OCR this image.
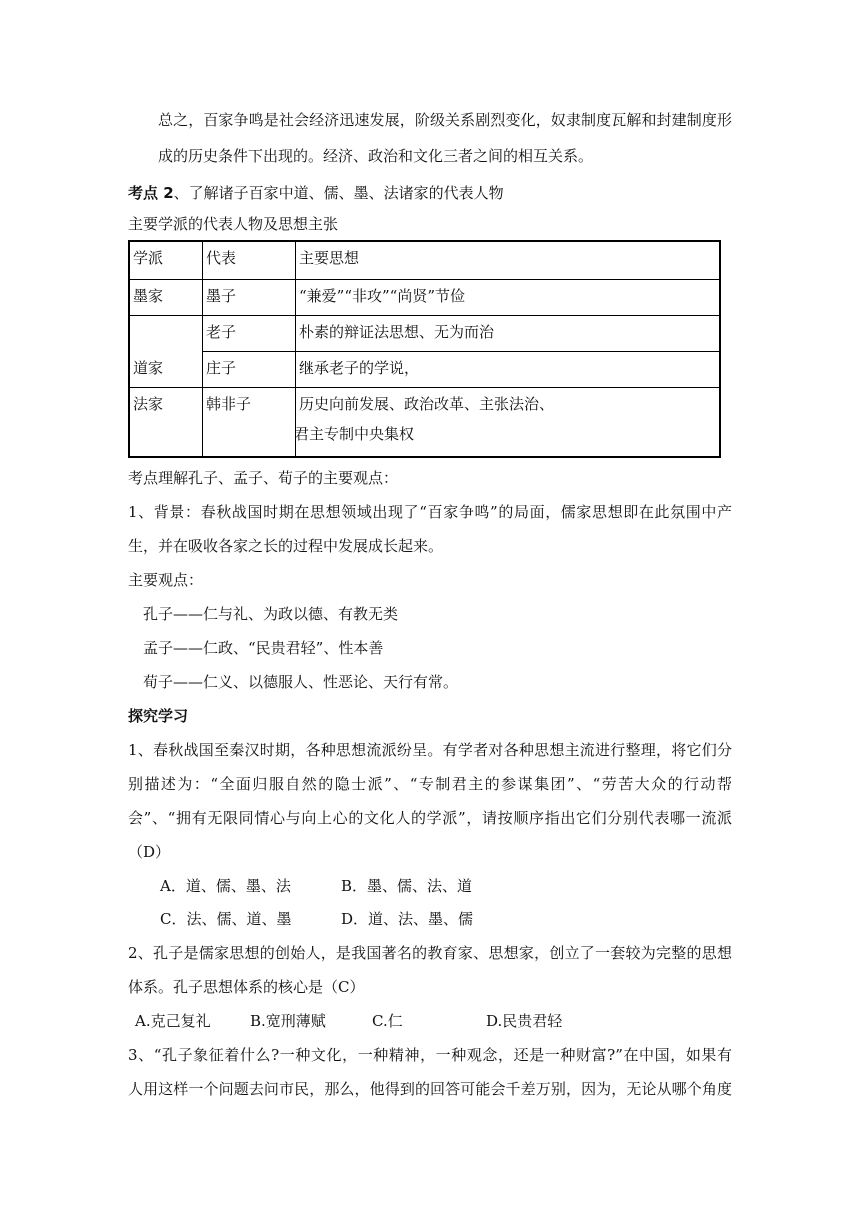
总之，百家争鸣是社会经济迅速发展，阶级关系剧烈变化，奴隶制度瓦解和封建制度形
成的历史条件下出现的。经济、政治和文化三者之间的相互关系。
考点 2、了解诸子百家中道、儒、墨、法诸家的代表人物
主要学派的代表人物及思想主张
学派	代表	主要思想
墨家	墨子	“兼爱”“非攻”“尚贤”节俭
道家	老子	朴素的辩证法思想、无为而治
	庄子	继承老子的学说，
法家	韩非子	历史向前发展、政治改革、主张法治、
君主专制中央集权
考点理解孔子、孟子、荀子的主要观点：
1、背景：春秋战国时期在思想领域出现了“百家争鸣”的局面，儒家思想即在此氛围中产
生，并在吸收各家之长的过程中发展成长起来。
主要观点：
孔子——仁与礼、为政以德、有教无类
孟子——仁政、“民贵君轻”、性本善
荀子——仁义、以德服人、性恶论、天行有常。
探究学习
1、春秋战国至秦汉时期，各种思想流派纷呈。有学者对各种思想主流进行整理，将它们分
别描述为：“全面归服自然的隐士派”、“专制君主的参谋集团”、“劳苦大众的行动帮
会”、“拥有无限同情心与向上心的文化人的学派”，请按顺序指出它们分别代表哪一流派
（D）
A．道、儒、墨、法	B．墨、儒、法、道
C．法、儒、道、墨	D．道、法、墨、儒
2、孔子是儒家思想的创始人，是我国著名的教育家、思想家，创立了一套较为完整的思想
体系。孔子思想体系的核心是（C）
A.克己复礼	B.宽刑薄赋	C.仁	D.民贵君轻
3、“孔子象征着什么?一种文化，一种精神，一种观念，还是一种财富?”在中国，如果有
人用这样一个问题去问市民，那么，他得到的回答可能会千差万别，因为，无论从哪个角度
